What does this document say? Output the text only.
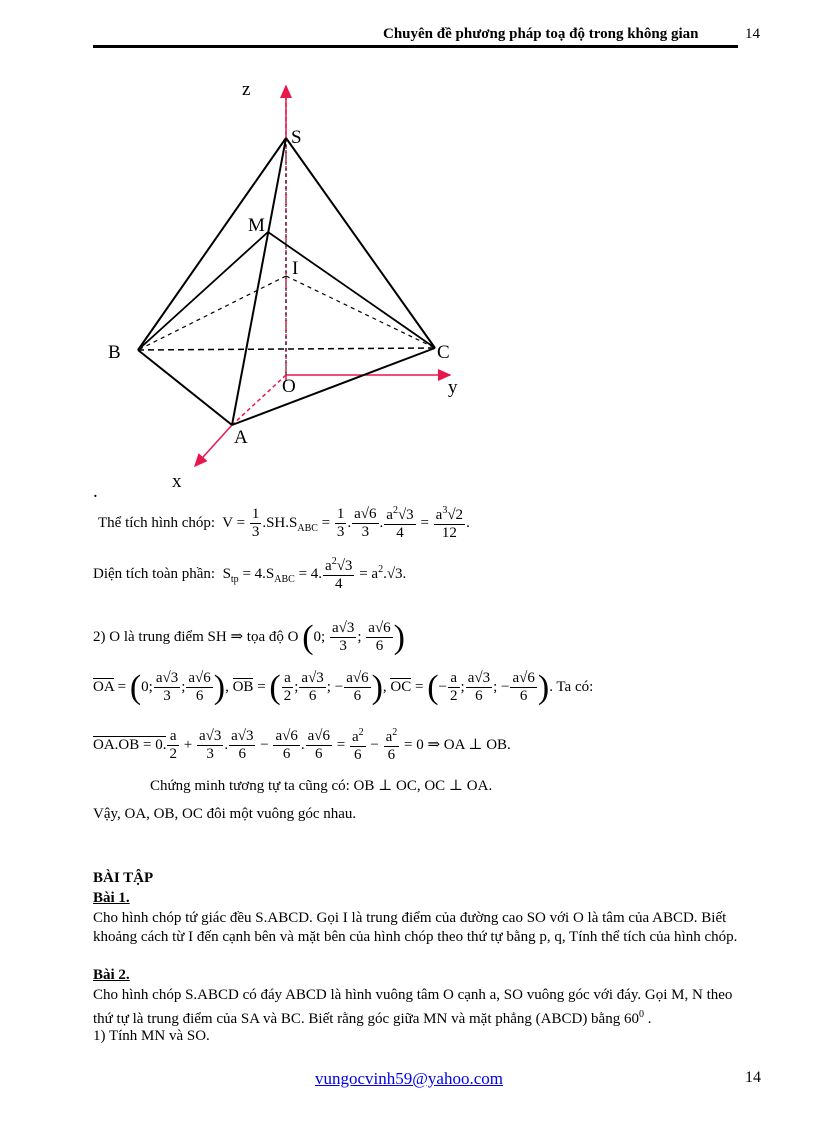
Chuyên đề phương pháp toạ độ trong không gian	14
z
S
M
I
B	C
O	y
A
x
.
Thể tích hình chóp: $V = \frac{1}{3} .SH.S_{ABC} = \frac{1}{3}$ . $\frac{a√6}{3}$ . $\frac{a^2√3}{4} = \frac{a^3√2}{12}$ .
Diện tích toàn phần: $S_{tp} = 4.S_{ABC} = 4$. $\frac{a^2√3}{4} = a^2.√3$.
2) O là trung điểm SH ⇒ tọa độ O (0; $\frac{a√3}{3}$ ; $\frac{a√6}{6}$ )
OA = (0; $\frac{a√3}{3}$ ; $\frac{a√6}{6}$ ), OB = ( $\frac{a}{2}$ ; $\frac{a√3}{6}$ ; − $\frac{a√6}{6}$ ), OC = (− $\frac{a}{2}$ ; $\frac{a√3}{6}$ ; − $\frac{a√6}{6}$ ). Ta có:
OA.OB = 0. $\frac{a}{2} + \frac{a√3}{3}$ . $\frac{a√3}{6} - \frac{a√6}{6}$ . $\frac{a√6}{6} = \frac{a^2}{6} - \frac{a^2}{6} = 0$ ⇒ OA ⊥ OB.
Chứng minh tương tự ta cũng có: OB ⊥ OC, OC ⊥ OA.
Vậy, OA, OB, OC đôi một vuông góc nhau.
BÀI TẬP
Bài 1.
Cho hình chóp tứ giác đều S.ABCD. Gọi I là trung điểm của đường cao SO với O là tâm của ABCD. Biết khoảng cách từ I đến cạnh bên và mặt bên của hình chóp theo thứ tự bằng p, q, Tính thể tích của hình chóp.
Bài 2.
Cho hình chóp S.ABCD có đáy ABCD là hình vuông tâm O cạnh a, SO vuông góc với đáy. Gọi M, N theo thứ tự là trung điểm của SA và BC. Biết rằng góc giữa MN và mặt phẳng (ABCD) bằng $60^0$ .
1) Tính MN và SO.
vungocvinh59@yahoo.com	14
